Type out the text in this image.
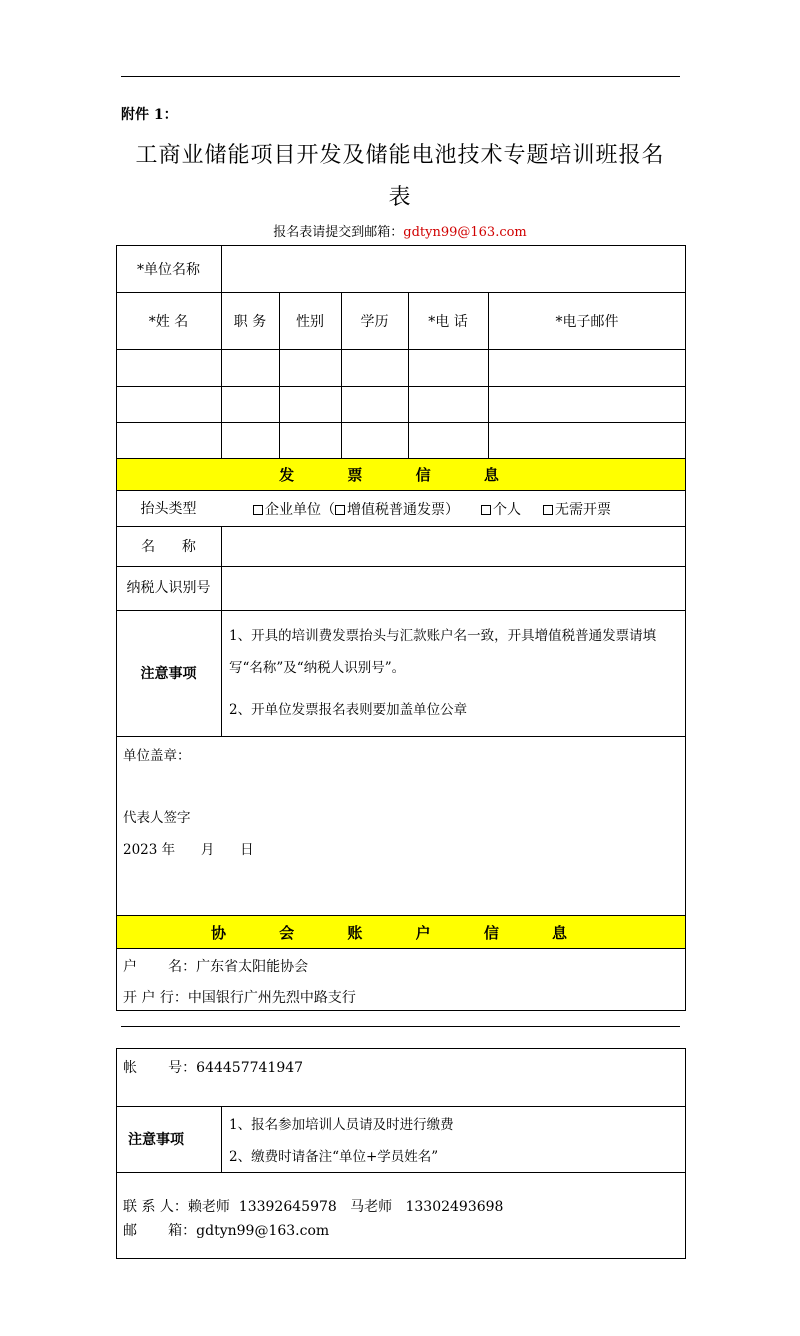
附件 1：
工商业储能项目开发及储能电池技术专题培训班报名
表
报名表请提交到邮箱：gdtyn99@163.com
*单位名称
*姓 名	职 务	性别	学历	*电 话	*电子邮件
发 票 信 息
抬头类型	企业单位（ 增值税普通发票） 个人 无需开票
名      称
纳税人识别号
注意事项
1、开具的培训费发票抬头与汇款账户名一致，开具增值税普通发票请填写“名称”及“纳税人识别号”。
2、开单位发票报名表则要加盖单位公章
单位盖章：
代表人签字
2023 年      月      日
协 会 账 户 信 息
户       名：广东省太阳能协会
开 户 行：中国银行广州先烈中路支行
帐       号：644457741947
注意事项
1、报名参加培训人员请及时进行缴费
2、缴费时请备注“单位+学员姓名”
联 系 人：赖老师  13392645978   马老师   13302493698
邮       箱：gdtyn99@163.com
